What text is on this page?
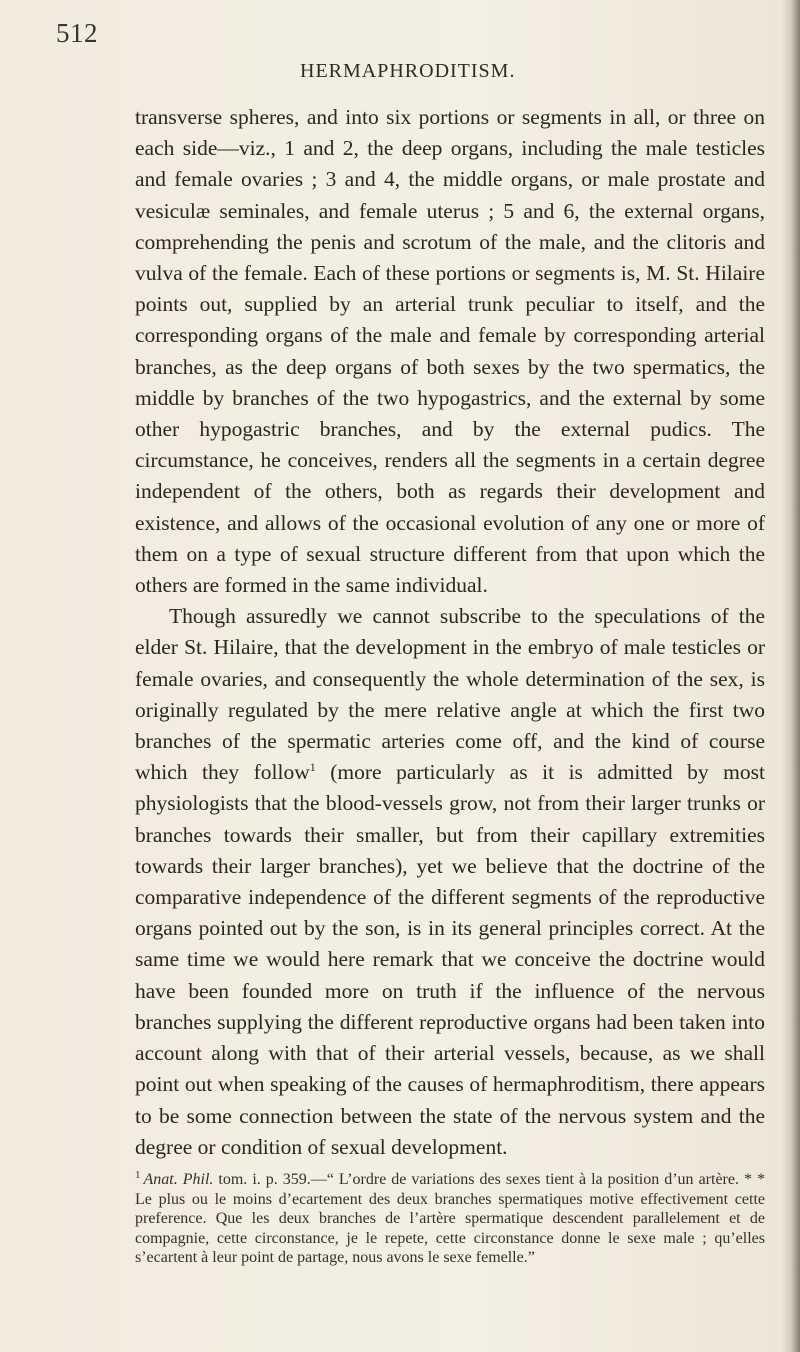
512
HERMAPHRODITISM.

transverse spheres, and into six portions or segments in all, or three on each side—viz., 1 and 2, the deep organs, including the male testicles and female ovaries ; 3 and 4, the middle organs, or male prostate and vesiculæ seminales, and female uterus ; 5 and 6, the external organs, comprehending the penis and scrotum of the male, and the clitoris and vulva of the female. Each of these portions or segments is, M. St. Hilaire points out, supplied by an arterial trunk peculiar to itself, and the corresponding organs of the male and female by corresponding arterial branches, as the deep organs of both sexes by the two spermatics, the middle by branches of the two hypogastrics, and the external by some other hypogastric branches, and by the external pudics. The circumstance, he conceives, renders all the segments in a certain degree independent of the others, both as regards their development and existence, and allows of the occasional evolution of any one or more of them on a type of sexual structure different from that upon which the others are formed in the same individual.

Though assuredly we cannot subscribe to the speculations of the elder St. Hilaire, that the development in the embryo of male testicles or female ovaries, and consequently the whole determination of the sex, is originally regulated by the mere relative angle at which the first two branches of the spermatic arteries come off, and the kind of course which they follow$^1$ (more particularly as it is admitted by most physiologists that the blood-vessels grow, not from their larger trunks or branches towards their smaller, but from their capillary extremities towards their larger branches), yet we believe that the doctrine of the comparative independence of the different segments of the reproductive organs pointed out by the son, is in its general principles correct. At the same time we would here remark that we conceive the doctrine would have been founded more on truth if the influence of the nervous branches supplying the different reproductive organs had been taken into account along with that of their arterial vessels, because, as we shall point out when speaking of the causes of hermaphroditism, there appears to be some connection between the state of the nervous system and the degree or condition of sexual development.

$^1$ Anat. Phil. tom. i. p. 359.—“ L’ordre de variations des sexes tient à la position d’un artère. * * Le plus ou le moins d’ecartement des deux branches spermatiques motive effectivement cette preference. Que les deux branches de l’artère spermatique descendent parallelement et de compagnie, cette circonstance, je le repete, cette circonstance donne le sexe male ; qu’elles s’ecartent à leur point de partage, nous avons le sexe femelle.”
